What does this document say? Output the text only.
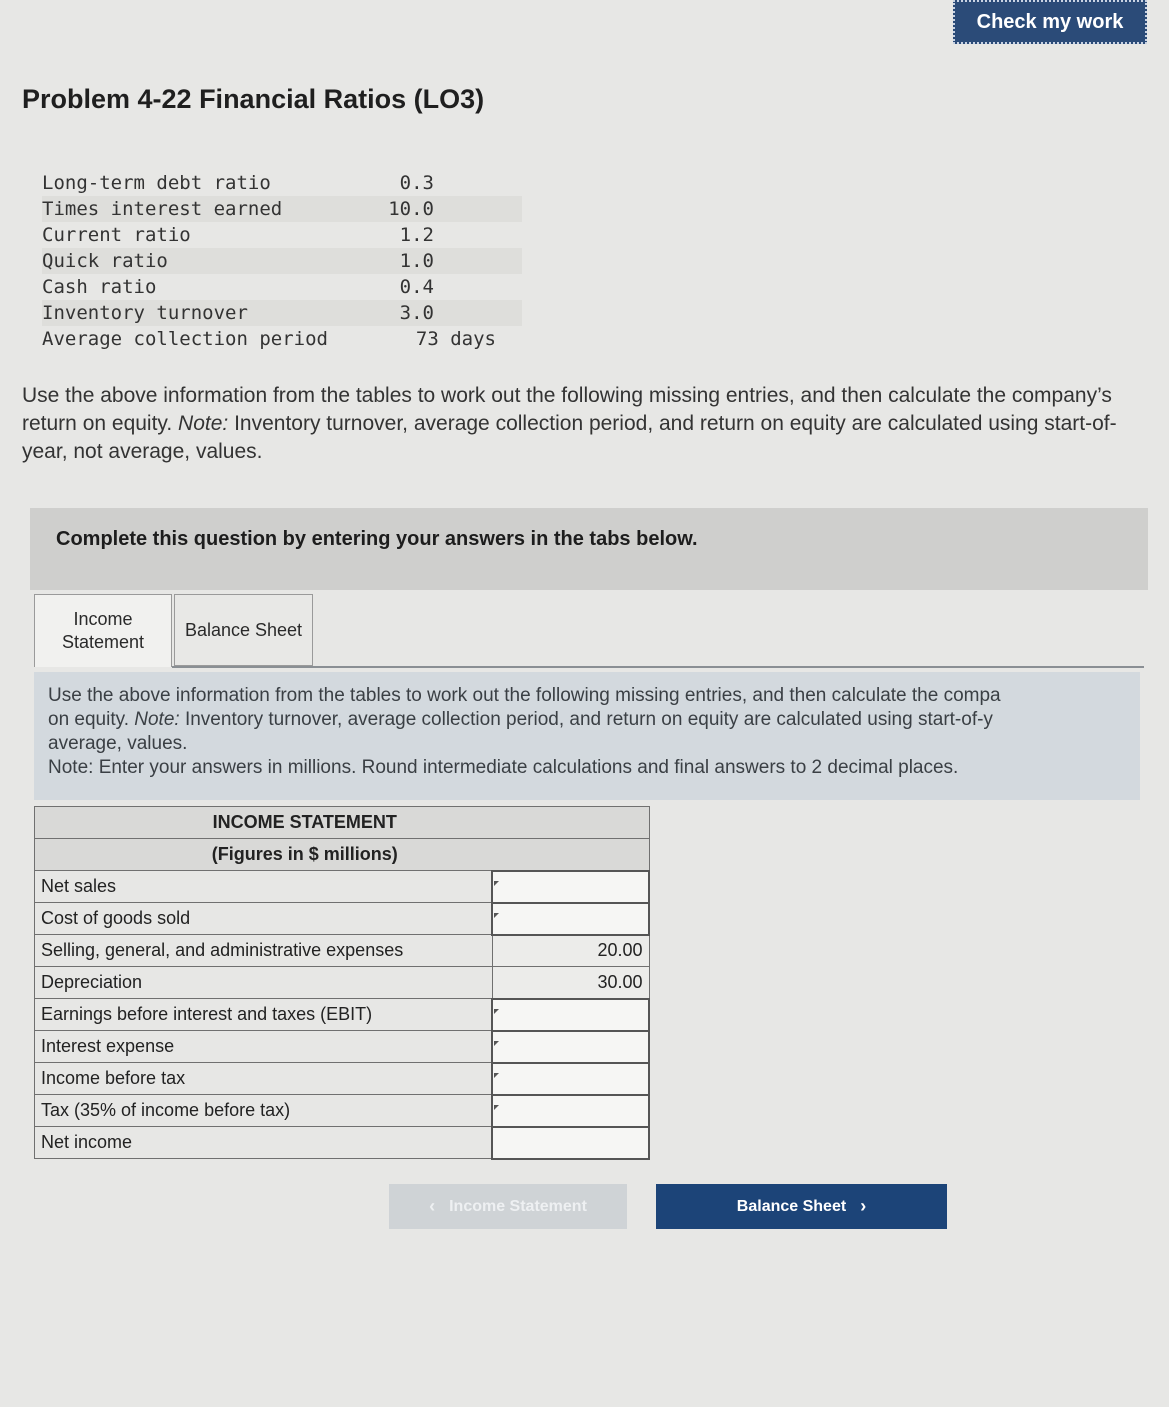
Check my work
Problem 4-22 Financial Ratios (LO3)
Long-term debt ratio	0.3
Times interest earned	10.0
Current ratio	1.2
Quick ratio	1.0
Cash ratio	0.4
Inventory turnover	3.0
Average collection period	73 days

Use the above information from the tables to work out the following missing entries, and then calculate the company’s return on equity. Note: Inventory turnover, average collection period, and return on equity are calculated using start-of-year, not average, values.

Complete this question by entering your answers in the tabs below.
Income
Statement
Balance Sheet

Use the above information from the tables to work out the following missing entries, and then calculate the compa

on equity. Note: Inventory turnover, average collection period, and return on equity are calculated using start-of-y

average, values.

Note: Enter your answers in millions. Round intermediate calculations and final answers to 2 decimal places.

INCOME STATEMENT	
(Figures in $ millions)	
Net sales	

Cost of goods sold	

Selling, general, and administrative expenses	20.00
Depreciation	30.00
Earnings before interest and taxes (EBIT)	

Interest expense	

Income before tax	

Tax (35% of income before tax)	

Net income	
‹ Income Statement	Balance Sheet ›
